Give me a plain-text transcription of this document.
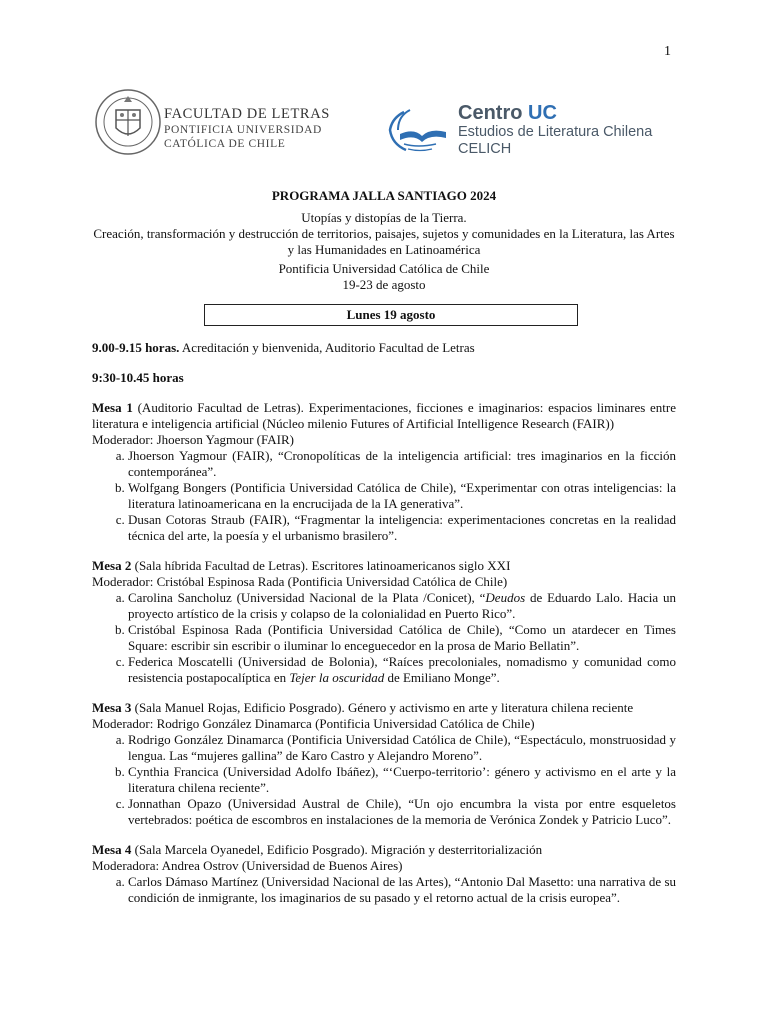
1
FACULTAD DE LETRAS
PONTIFICIA UNIVERSIDAD
CATÓLICA DE CHILE
Centro UC
Estudios de Literatura Chilena
CELICH
PROGRAMA JALLA SANTIAGO 2024
Utopías y distopías de la Tierra.
Creación, transformación y destrucción de territorios, paisajes, sujetos y comunidades en la Literatura, las Artes y las Humanidades en Latinoamérica
Pontificia Universidad Católica de Chile
19-23 de agosto
Lunes 19 agosto

9.00-9.15 horas. Acreditación y bienvenida, Auditorio Facultad de Letras

9:30-10.45 horas

Mesa 1 (Auditorio Facultad de Letras). Experimentaciones, ficciones e imaginarios: espacios liminares entre literatura e inteligencia artificial (Núcleo milenio Futures of Artificial Intelligence Research (FAIR))

Moderador: Jhoerson Yagmour (FAIR)

a. Jhoerson Yagmour (FAIR), “Cronopolíticas de la inteligencia artificial: tres imaginarios en la ficción contemporánea”.
b. Wolfgang Bongers (Pontificia Universidad Católica de Chile), “Experimentar con otras inteligencias: la literatura latinoamericana en la encrucijada de la IA generativa”.
c. Dusan Cotoras Straub (FAIR), “Fragmentar la inteligencia: experimentaciones concretas en la realidad técnica del arte, la poesía y el urbanismo brasilero”.

Mesa 2 (Sala híbrida Facultad de Letras). Escritores latinoamericanos siglo XXI

Moderador: Cristóbal Espinosa Rada (Pontificia Universidad Católica de Chile)

a. Carolina Sancholuz (Universidad Nacional de la Plata /Conicet), “Deudos de Eduardo Lalo. Hacia un proyecto artístico de la crisis y colapso de la colonialidad en Puerto Rico”.
b. Cristóbal Espinosa Rada (Pontificia Universidad Católica de Chile), “Como un atardecer en Times Square: escribir sin escribir o iluminar lo enceguecedor en la prosa de Mario Bellatin”.
c. Federica Moscatelli (Universidad de Bolonia), “Raíces precoloniales, nomadismo y comunidad como resistencia postapocalíptica en Tejer la oscuridad de Emiliano Monge”.

Mesa 3 (Sala Manuel Rojas, Edificio Posgrado). Género y activismo en arte y literatura chilena reciente

Moderador: Rodrigo González Dinamarca (Pontificia Universidad Católica de Chile)

a. Rodrigo González Dinamarca (Pontificia Universidad Católica de Chile), “Espectáculo, monstruosidad y lengua. Las “mujeres gallina” de Karo Castro y Alejandro Moreno”.
b. Cynthia Francica (Universidad Adolfo Ibáñez), “‘Cuerpo-territorio’: género y activismo en el arte y la literatura chilena reciente”.
c. Jonnathan Opazo (Universidad Austral de Chile), “Un ojo encumbra la vista por entre esqueletos vertebrados: poética de escombros en instalaciones de la memoria de Verónica Zondek y Patricio Luco”.

Mesa 4 (Sala Marcela Oyanedel, Edificio Posgrado). Migración y desterritorialización

Moderadora: Andrea Ostrov (Universidad de Buenos Aires)

a. Carlos Dámaso Martínez (Universidad Nacional de las Artes), “Antonio Dal Masetto: una narrativa de su condición de inmigrante, los imaginarios de su pasado y el retorno actual de la crisis europea”.
